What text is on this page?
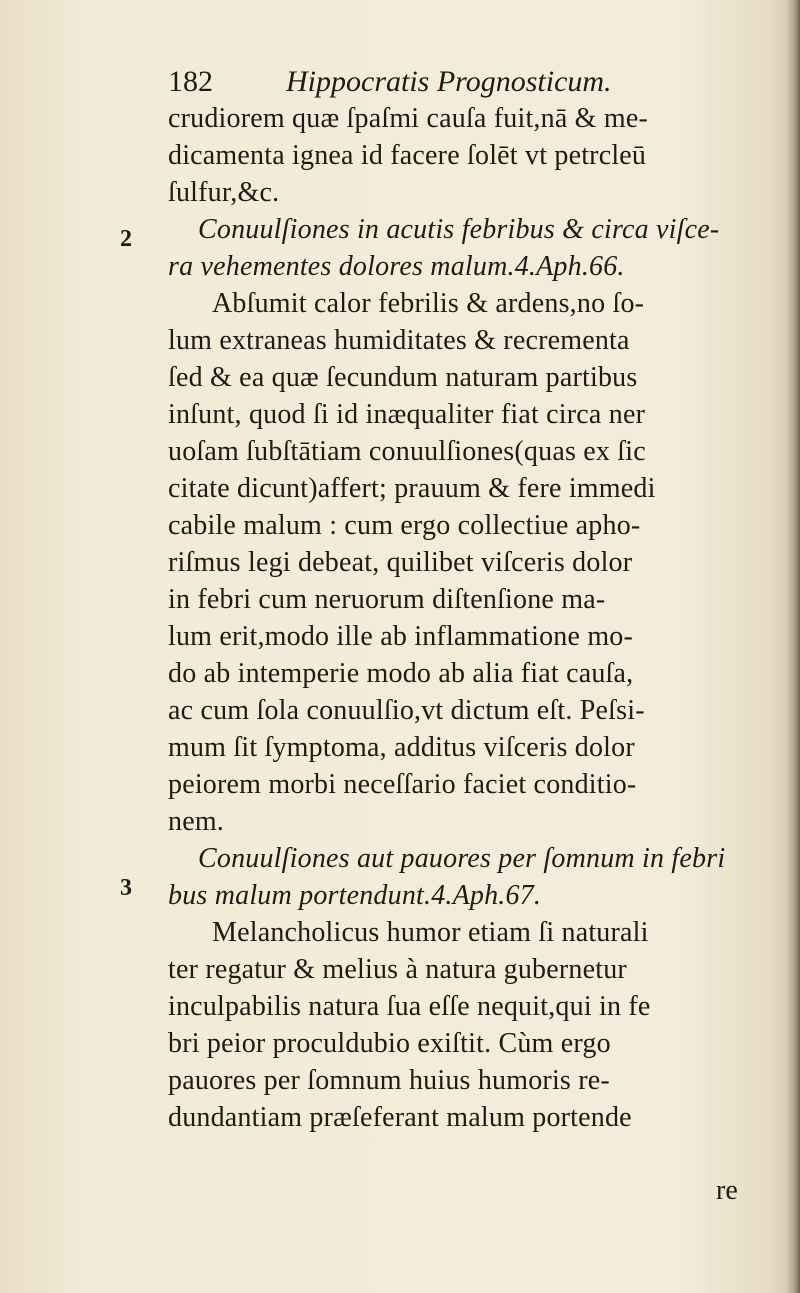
182 Hippocratis Prognosticum.
2
3
crudiorem quæ ſpaſmi cauſa fuit,nā & me-
dicamenta ignea id facere ſolēt vt petrcleū
ſulfur,&c.
Conuulſiones in acutis febribus & circa viſce-
ra vehementes dolores malum.4.Aph.66.
Abſumit calor febrilis & ardens,no ſo-
lum extraneas humiditates & recrementa
ſed & ea quæ ſecundum naturam partibus
inſunt, quod ſi id inæqualiter fiat circa ner
uoſam ſubſtātiam conuulſiones(quas ex ſic
citate dicunt)affert; prauum & fere immedi
cabile malum : cum ergo collectiue apho-
riſmus legi debeat, quilibet viſceris dolor
in febri cum neruorum diſtenſione ma-
lum erit,modo ille ab inflammatione mo-
do ab intemperie modo ab alia fiat cauſa,
ac cum ſola conuulſio,vt dictum eſt. Peſsi-
mum ſit ſymptoma, additus viſceris dolor
peiorem morbi neceſſario faciet conditio-
nem.
Conuulſiones aut pauores per ſomnum in febri
bus malum portendunt.4.Aph.67.
Melancholicus humor etiam ſi naturali
ter regatur & melius à natura gubernetur
inculpabilis natura ſua eſſe nequit,qui in fe
bri peior proculdubio exiſtit. Cùm ergo
pauores per ſomnum huius humoris re-
dundantiam præſeferant malum portende
re
